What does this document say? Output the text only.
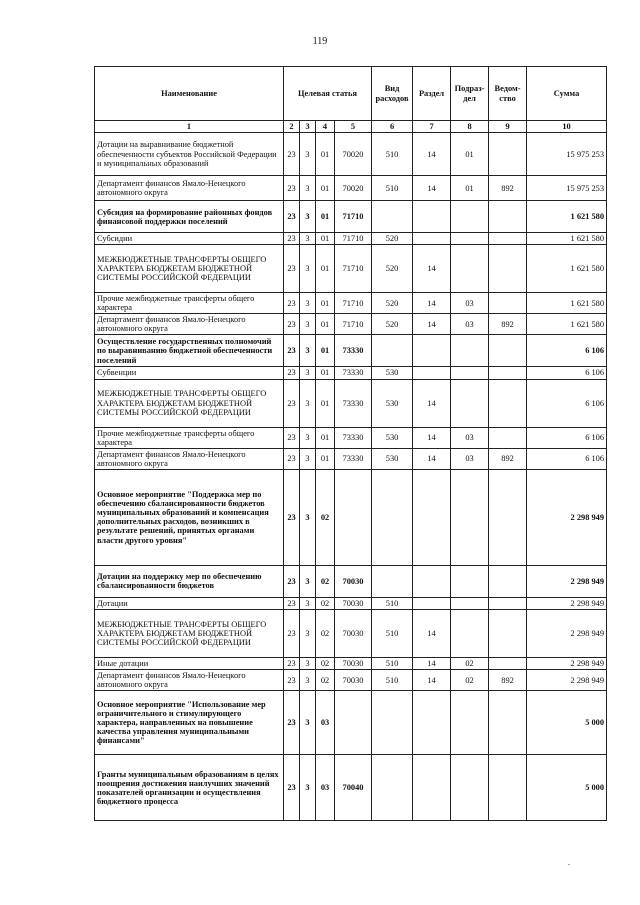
119
Наименование	Целевая статья				Вид расходов	Раздел	Подраз- дел	Ведом- ство	Сумма
1	2	3	4	5	6	7	8	9	10
Дотации на выравнивание бюджетной обеспеченности субъектов Российской Федерации и муниципальных образований	23	3	01	70020	510	14	01		15 975 253
Департамент финансов Ямало-Ненецкого автономного округа	23	3	01	70020	510	14	01	892	15 975 253
Субсидия на формирование районных фондов финансовой поддержки поселений	23	3	01	71710					1 621 580
Субсидии	23	3	01	71710	520				1 621 580
МЕЖБЮДЖЕТНЫЕ ТРАНСФЕРТЫ ОБЩЕГО ХАРАКТЕРА БЮДЖЕТАМ БЮДЖЕТНОЙ СИСТЕМЫ РОССИЙСКОЙ ФЕДЕРАЦИИ	23	3	01	71710	520	14			1 621 580
Прочие межбюджетные трансферты общего характера	23	3	01	71710	520	14	03		1 621 580
Департамент финансов Ямало-Ненецкого автономного округа	23	3	01	71710	520	14	03	892	1 621 580
Осуществление государственных полномочий по выравниванию бюджетной обеспеченности поселений	23	3	01	73330					6 106
Субвенции	23	3	01	73330	530				6 106
МЕЖБЮДЖЕТНЫЕ ТРАНСФЕРТЫ ОБЩЕГО ХАРАКТЕРА БЮДЖЕТАМ БЮДЖЕТНОЙ СИСТЕМЫ РОССИЙСКОЙ ФЕДЕРАЦИИ	23	3	01	73330	530	14			6 106
Прочие межбюджетные трансферты общего характера	23	3	01	73330	530	14	03		6 106
Департамент финансов Ямало-Ненецкого автономного округа	23	3	01	73330	530	14	03	892	6 106
Основное мероприятие "Поддержка мер по обеспечению сбалансированности бюджетов муниципальных образований и компенсация дополнительных расходов, возникших в результате решений, принятых органами власти другого уровня"	23	3	02						2 298 949
Дотации на поддержку мер по обеспечению сбалансированности бюджетов	23	3	02	70030					2 298 949
Дотации	23	3	02	70030	510				2 298 949
МЕЖБЮДЖЕТНЫЕ ТРАНСФЕРТЫ ОБЩЕГО ХАРАКТЕРА БЮДЖЕТАМ БЮДЖЕТНОЙ СИСТЕМЫ РОССИЙСКОЙ ФЕДЕРАЦИИ	23	3	02	70030	510	14			2 298 949
Иные дотации	23	3	02	70030	510	14	02		2 298 949
Департамент финансов Ямало-Ненецкого автономного округа	23	3	02	70030	510	14	02	892	2 298 949
Основное мероприятие "Использование мер ограничительного и стимулирующего характера, направленных на повышение качества управления муниципальными финансами"	23	3	03						5 000
Гранты муниципальным образованиям в целях поощрения достижения наилучших значений показателей организации и осуществления бюджетного процесса	23	3	03	70040					5 000
.
